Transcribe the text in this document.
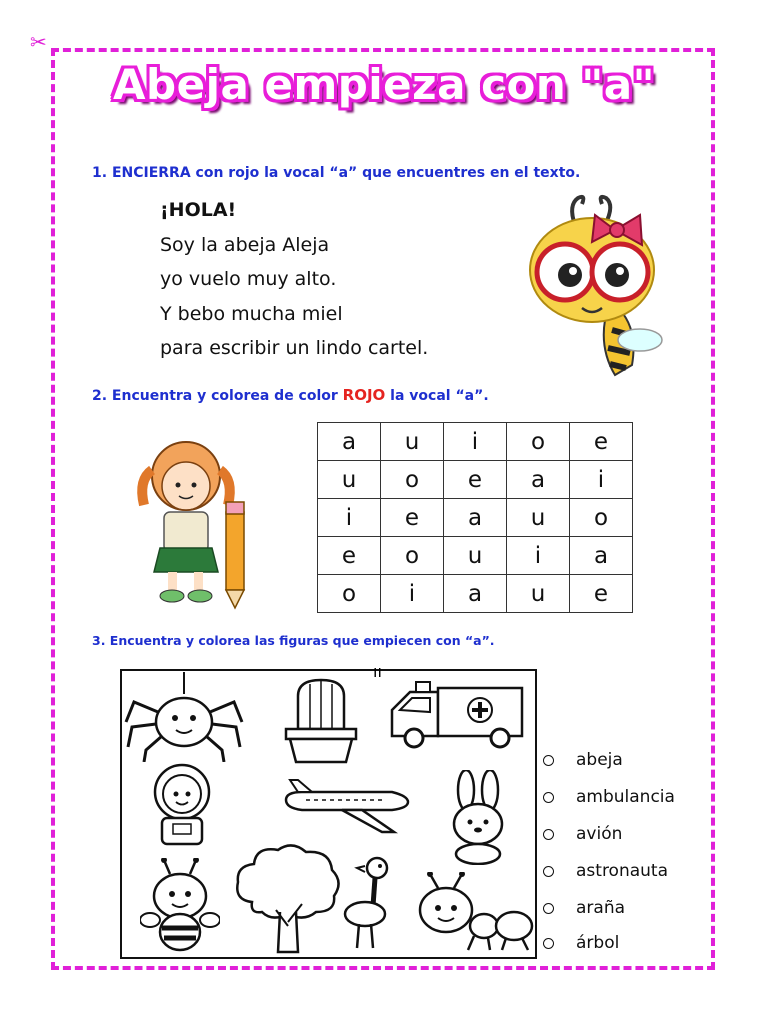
✂
Abeja empieza con "a"
1. ENCIERRA con rojo la vocal “a” que encuentres en el texto.
¡HOLA!
Soy la abeja Aleja
yo vuelo muy alto.
Y bebo mucha miel
para escribir un lindo cartel.
2. Encuentra y colorea de color ROJO la vocal “a”.
a	u	i	o	e
u	o	e	a	i
i	e	a	u	o
e	o	u	i	a
o	i	a	u	e
3. Encuentra y colorea las figuras que empiecen con “a”.
ıı
abeja
ambulancia
avión
astronauta
araña
árbol
